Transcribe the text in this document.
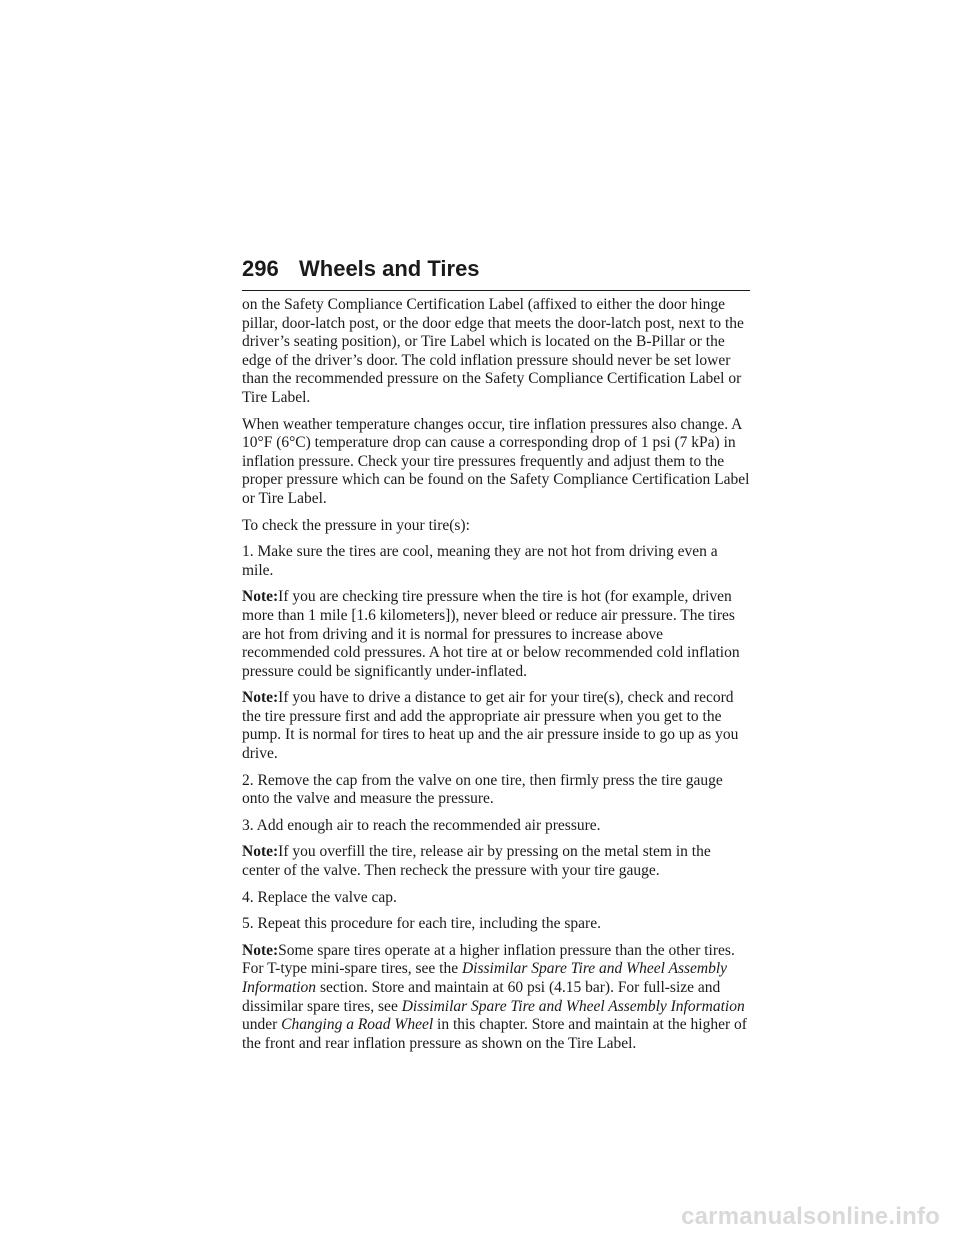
296 Wheels and Tires

on the Safety Compliance Certification Label (affixed to either the door hinge pillar, door-latch post, or the door edge that meets the door-latch post, next to the driver’s seating position), or Tire Label which is located on the B-Pillar or the edge of the driver’s door. The cold inflation pressure should never be set lower than the recommended pressure on the Safety Compliance Certification Label or Tire Label.

When weather temperature changes occur, tire inflation pressures also change. A 10°F (6°C) temperature drop can cause a corresponding drop of 1 psi (7 kPa) in inflation pressure. Check your tire pressures frequently and adjust them to the proper pressure which can be found on the Safety Compliance Certification Label or Tire Label.

To check the pressure in your tire(s):

1. Make sure the tires are cool, meaning they are not hot from driving even a mile.

Note:If you are checking tire pressure when the tire is hot (for example, driven more than 1 mile [1.6 kilometers]), never bleed or reduce air pressure. The tires are hot from driving and it is normal for pressures to increase above recommended cold pressures. A hot tire at or below recommended cold inflation pressure could be significantly under-inflated.

Note:If you have to drive a distance to get air for your tire(s), check and record the tire pressure first and add the appropriate air pressure when you get to the pump. It is normal for tires to heat up and the air pressure inside to go up as you drive.

2. Remove the cap from the valve on one tire, then firmly press the tire gauge onto the valve and measure the pressure.

3. Add enough air to reach the recommended air pressure.

Note:If you overfill the tire, release air by pressing on the metal stem in the center of the valve. Then recheck the pressure with your tire gauge.

4. Replace the valve cap.

5. Repeat this procedure for each tire, including the spare.

Note:Some spare tires operate at a higher inflation pressure than the other tires. For T-type mini-spare tires, see the Dissimilar Spare Tire and Wheel Assembly Information section. Store and maintain at 60 psi (4.15 bar). For full-size and dissimilar spare tires, see Dissimilar Spare Tire and Wheel Assembly Information under Changing a Road Wheel in this chapter. Store and maintain at the higher of the front and rear inflation pressure as shown on the Tire Label.

carmanualsonline.info
